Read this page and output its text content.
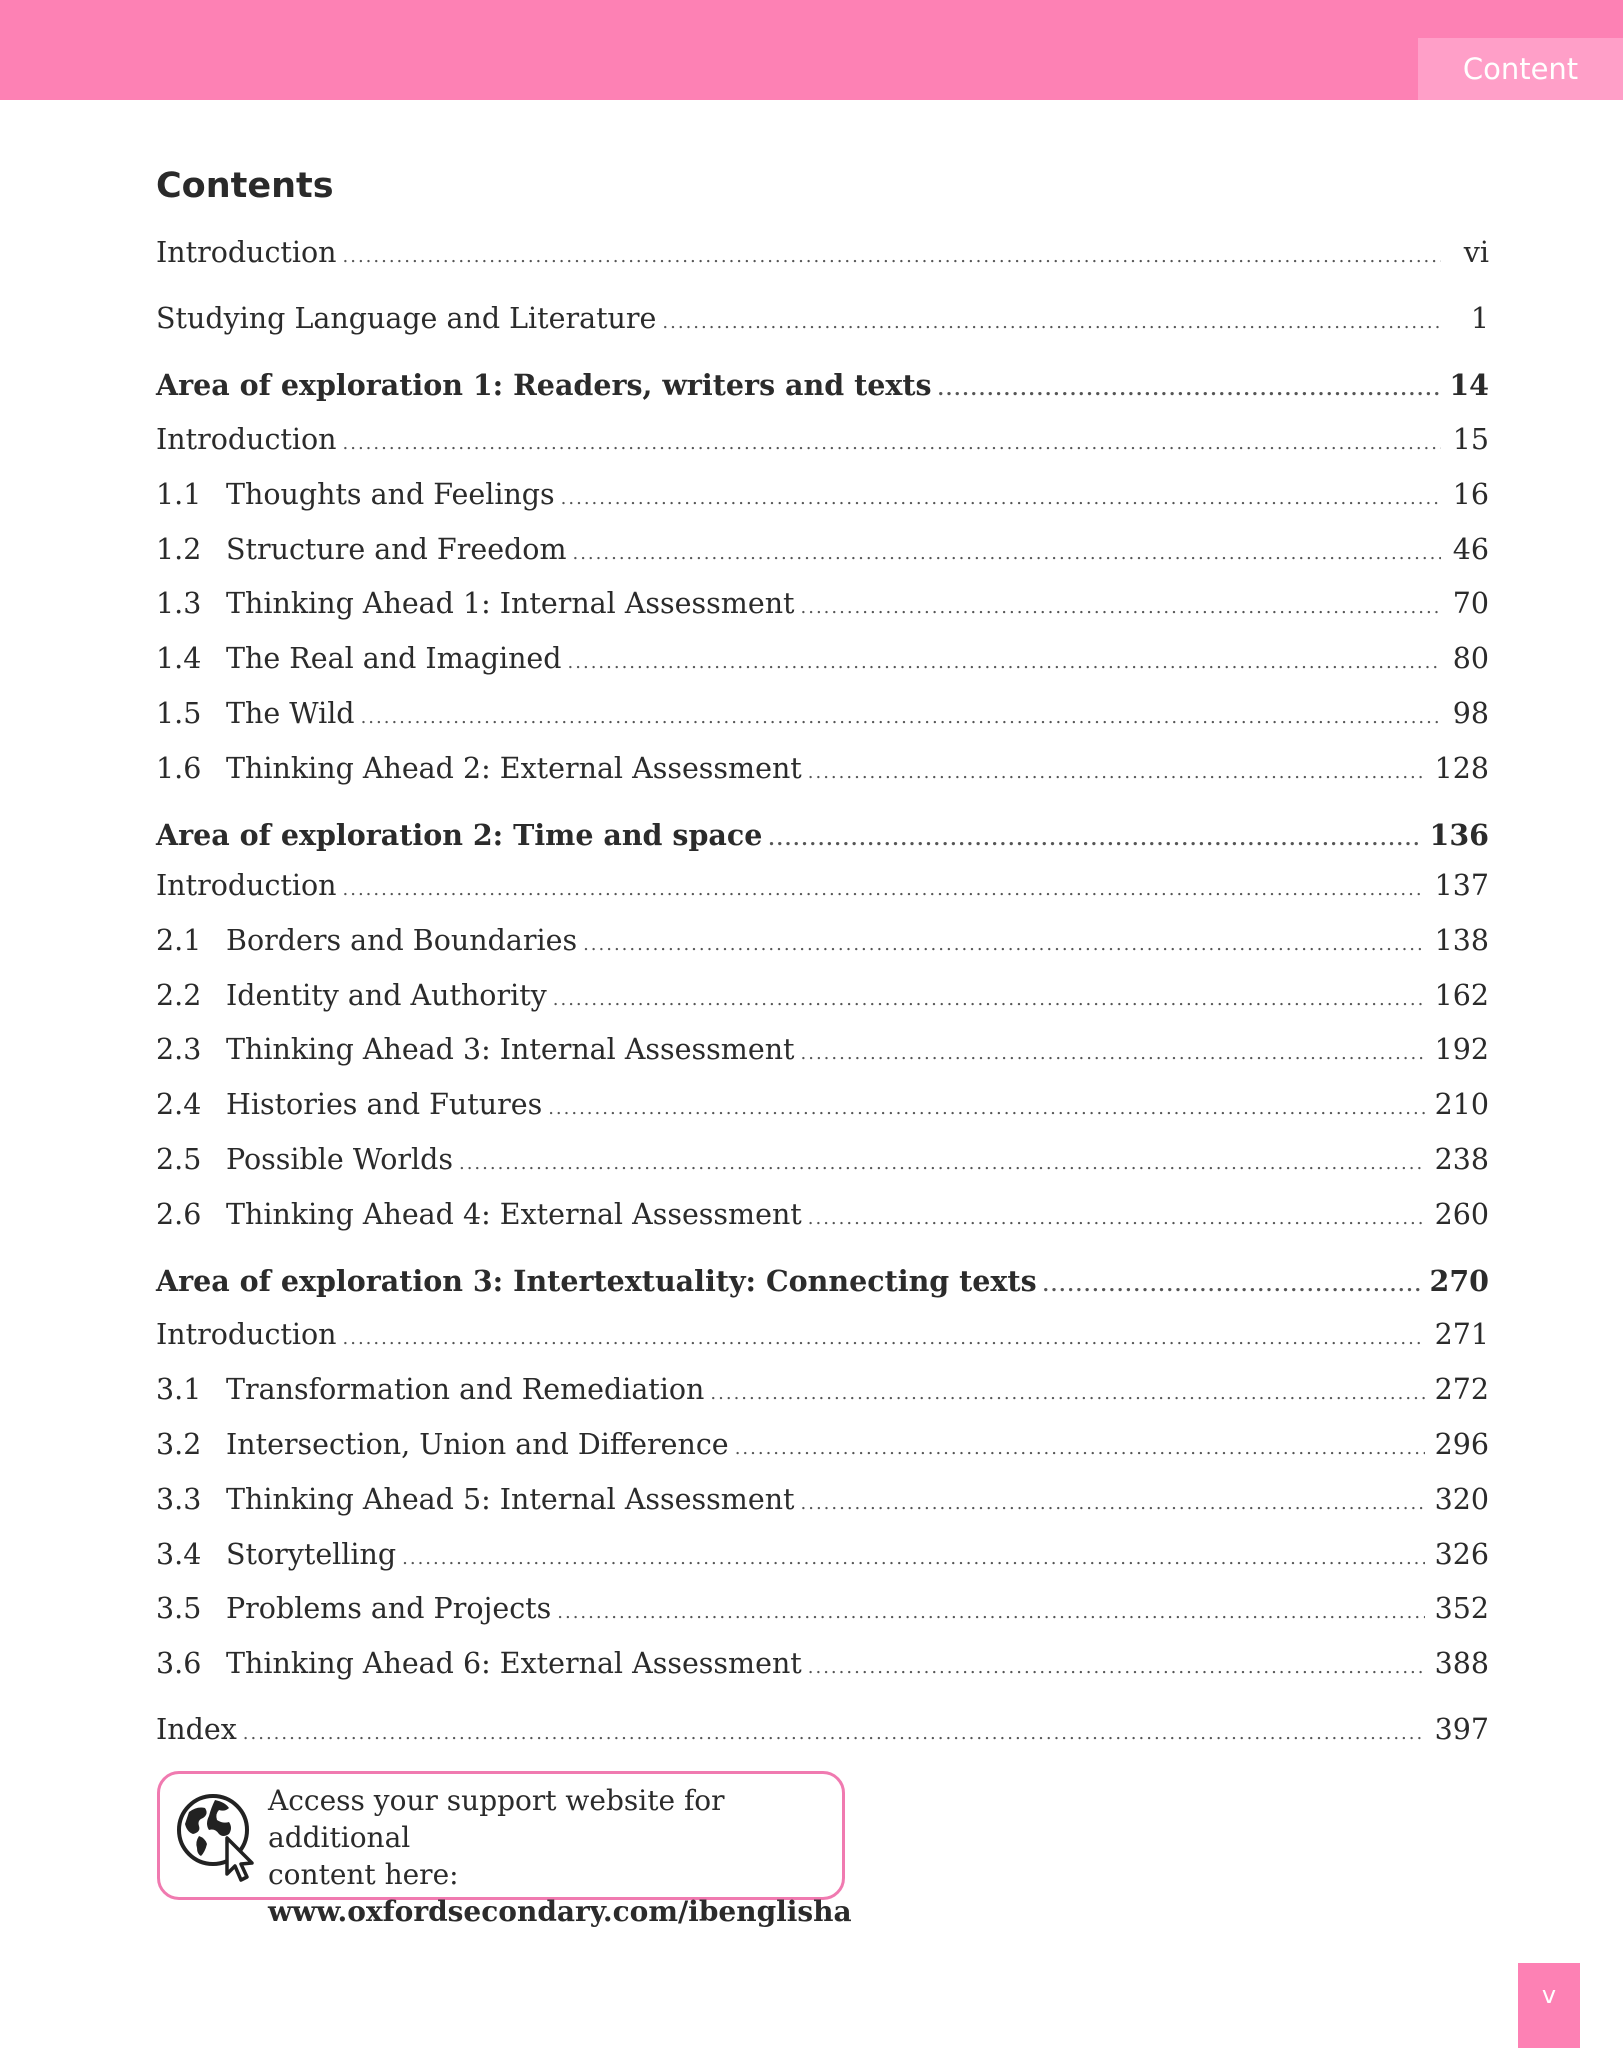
Content
Contents
Access your support website for additional
content here:
www.oxfordsecondary.com/ibenglisha
v
Introduction .....	vi
Studying Language and Literature .....	1
Area of exploration 1: Readers, writers and texts .....	14
Introduction .....	15
1.1 Thoughts and Feelings .....	16
1.2 Structure and Freedom .....	46
1.3 Thinking Ahead 1: Internal Assessment .....	70
1.4 The Real and Imagined .....	80
1.5 The Wild .....	98
1.6 Thinking Ahead 2: External Assessment .....	128
Area of exploration 2: Time and space .....	136
Introduction .....	137
2.1 Borders and Boundaries .....	138
2.2 Identity and Authority .....	162
2.3 Thinking Ahead 3: Internal Assessment .....	192
2.4 Histories and Futures .....	210
2.5 Possible Worlds .....	238
2.6 Thinking Ahead 4: External Assessment .....	260
Area of exploration 3: Intertextuality: Connecting texts .....	270
Introduction .....	271
3.1 Transformation and Remediation .....	272
3.2 Intersection, Union and Difference .....	296
3.3 Thinking Ahead 5: Internal Assessment .....	320
3.4 Storytelling .....	326
3.5 Problems and Projects .....	352
3.6 Thinking Ahead 6: External Assessment .....	388
Index .....	397
